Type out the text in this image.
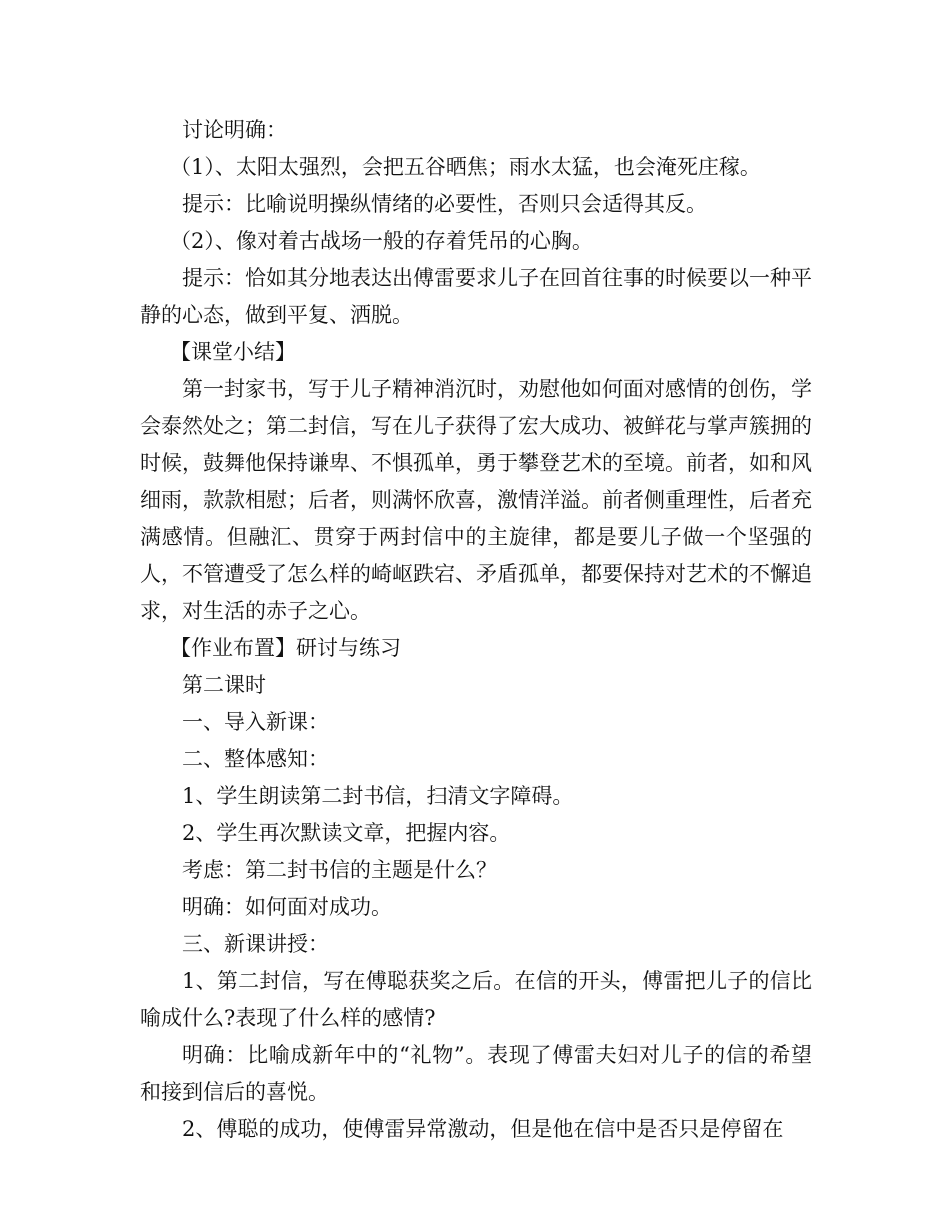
讨论明确：

（1）、太阳太强烈，会把五谷晒焦；雨水太猛，也会淹死庄稼。

提示：比喻说明操纵情绪的必要性，否则只会适得其反。

（2）、像对着古战场一般的存着凭吊的心胸。

提示：恰如其分地表达出傅雷要求儿子在回首往事的时候要以一种平静的心态，做到平复、洒脱。

【课堂小结】

第一封家书，写于儿子精神消沉时，劝慰他如何面对感情的创伤，学会泰然处之；第二封信，写在儿子获得了宏大成功、被鲜花与掌声簇拥的时候，鼓舞他保持谦卑、不惧孤单，勇于攀登艺术的至境。前者，如和风细雨，款款相慰；后者，则满怀欣喜，激情洋溢。前者侧重理性，后者充满感情。但融汇、贯穿于两封信中的主旋律，都是要儿子做一个坚强的人，不管遭受了怎么样的崎岖跌宕、矛盾孤单，都要保持对艺术的不懈追求，对生活的赤子之心。

【作业布置】研讨与练习

第二课时

一、导入新课：

二、整体感知：

1、学生朗读第二封书信，扫清文字障碍。

2、学生再次默读文章，把握内容。

考虑：第二封书信的主题是什么？

明确：如何面对成功。

三、新课讲授：

1、第二封信，写在傅聪获奖之后。在信的开头，傅雷把儿子的信比喻成什么?表现了什么样的感情?

明确：比喻成新年中的“礼物”。表现了傅雷夫妇对儿子的信的希望和接到信后的喜悦。

2、傅聪的成功，使傅雷异常激动，但是他在信中是否只是停留在
